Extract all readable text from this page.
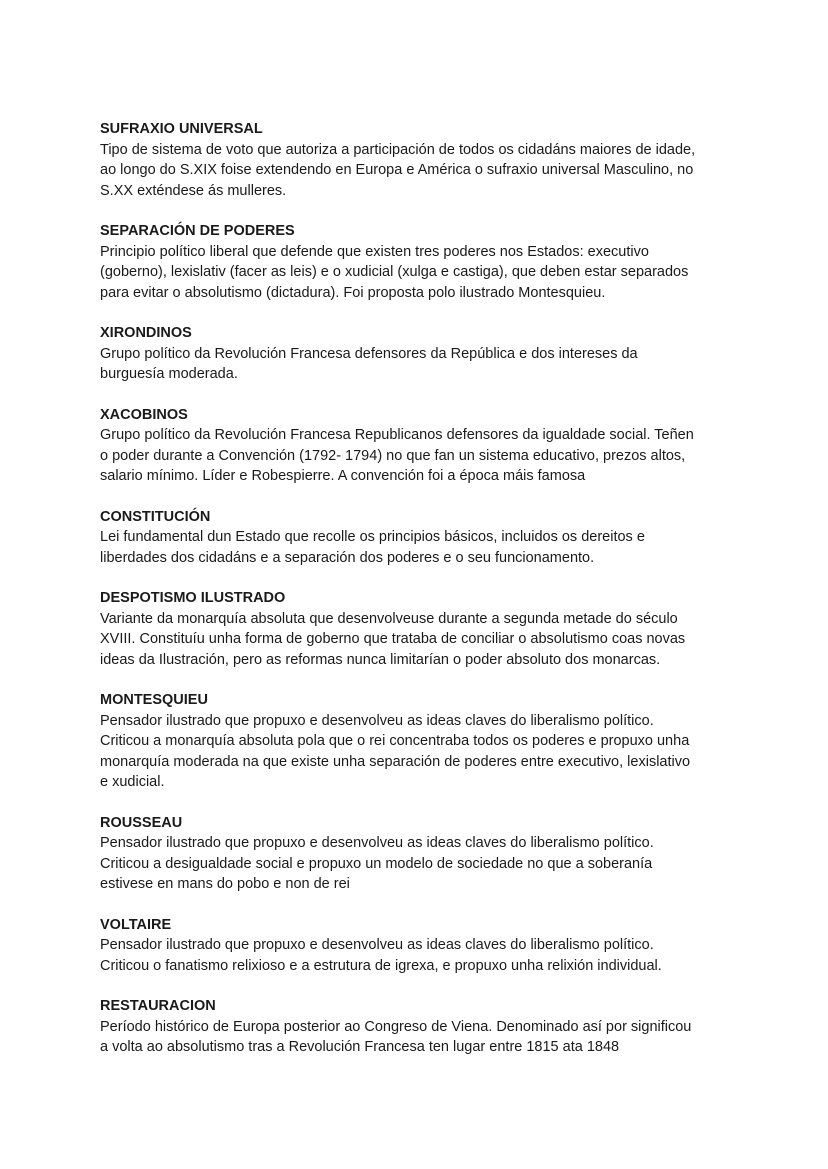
SUFRAXIO UNIVERSAL

Tipo de sistema de voto que autoriza a participación de todos os cidadáns maiores de idade,
ao longo do S.XIX foise extendendo en Europa e América o sufraxio universal Masculino, no
S.XX exténdese ás mulleres.

SEPARACIÓN DE PODERES

Principio político liberal que defende que existen tres poderes nos Estados: executivo
(goberno), lexislativ (facer as leis) e o xudicial (xulga e castiga), que deben estar separados
para evitar o absolutismo (dictadura). Foi proposta polo ilustrado Montesquieu.

XIRONDINOS

Grupo político da Revolución Francesa defensores da República e dos intereses da
burguesía moderada.

XACOBINOS

Grupo político da Revolución Francesa Republicanos defensores da igualdade social. Teñen
o poder durante a Convención (1792- 1794) no que fan un sistema educativo, prezos altos,
salario mínimo. Líder e Robespierre. A convención foi a época máis famosa

CONSTITUCIÓN

Lei fundamental dun Estado que recolle os principios básicos, incluidos os dereitos e
liberdades dos cidadáns e a separación dos poderes e o seu funcionamento.

DESPOTISMO ILUSTRADO

Variante da monarquía absoluta que desenvolveuse durante a segunda metade do século
XVIII. Constituíu unha forma de goberno que trataba de conciliar o absolutismo coas novas
ideas da Ilustración, pero as reformas nunca limitarían o poder absoluto dos monarcas.

MONTESQUIEU

Pensador ilustrado que propuxo e desenvolveu as ideas claves do liberalismo político.
Criticou a monarquía absoluta pola que o rei concentraba todos os poderes e propuxo unha
monarquía moderada na que existe unha separación de poderes entre executivo, lexislativo
e xudicial.

ROUSSEAU

Pensador ilustrado que propuxo e desenvolveu as ideas claves do liberalismo político.
Criticou a desigualdade social e propuxo un modelo de sociedade no que a soberanía
estivese en mans do pobo e non de rei

VOLTAIRE

Pensador ilustrado que propuxo e desenvolveu as ideas claves do liberalismo político.
Criticou o fanatismo relixioso e a estrutura de igrexa, e propuxo unha relixión individual.

RESTAURACION

Período histórico de Europa posterior ao Congreso de Viena. Denominado así por significou
a volta ao absolutismo tras a Revolución Francesa ten lugar entre 1815 ata 1848
